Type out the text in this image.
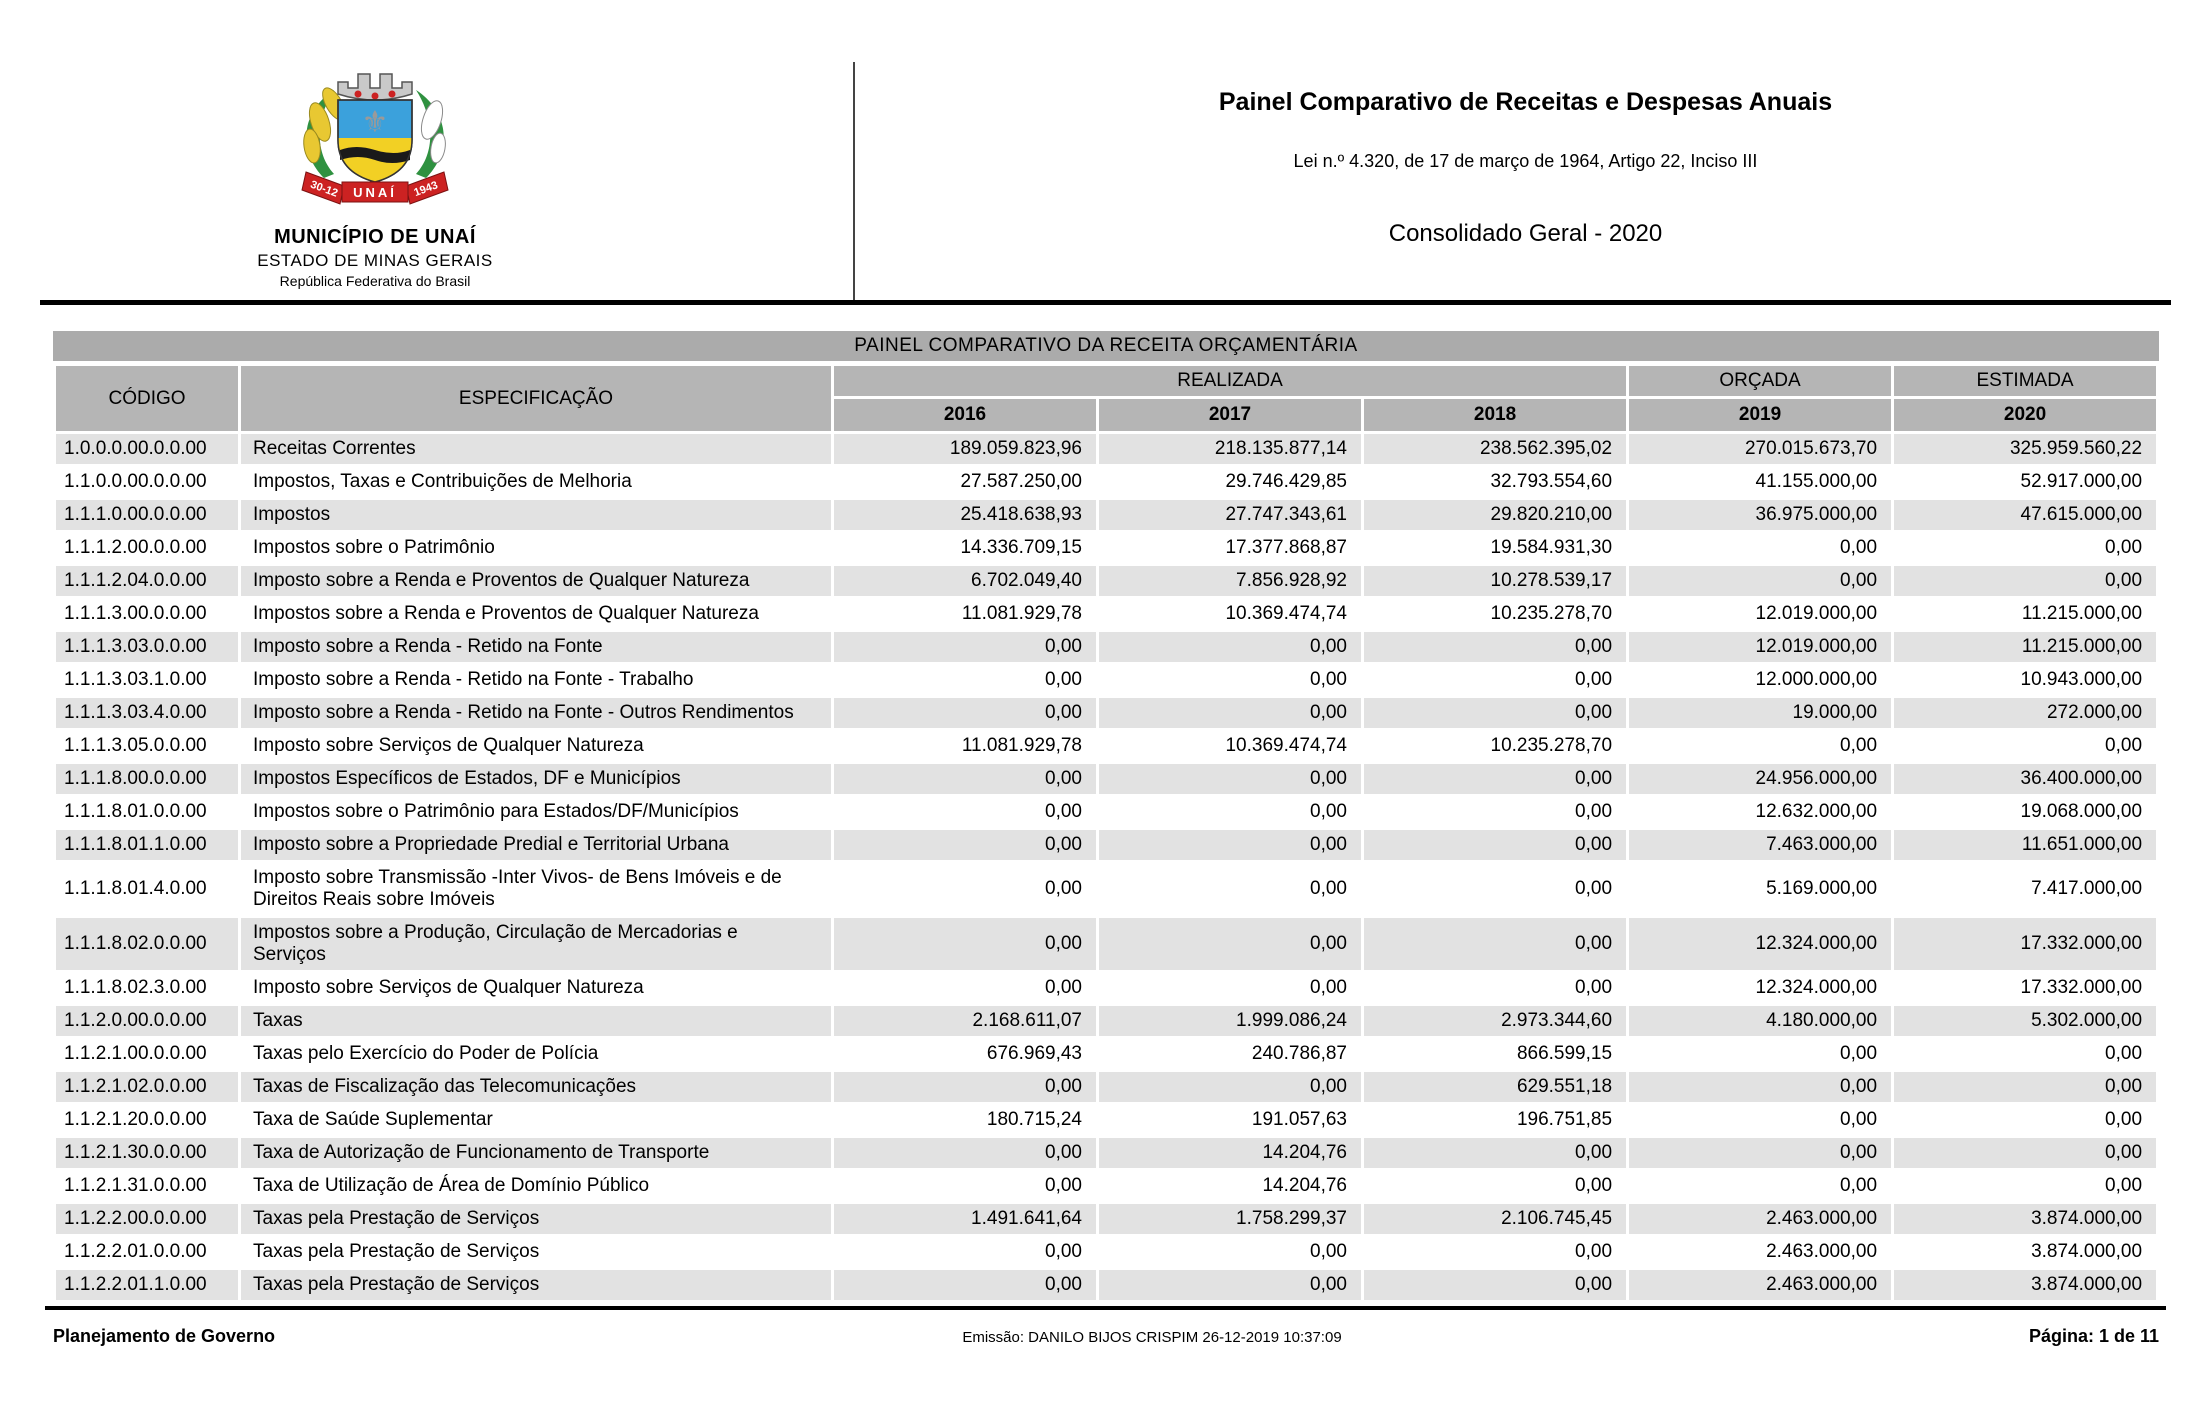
⚜
30-12 UNAÍ 1943
MUNICÍPIO DE UNAÍ
ESTADO DE MINAS GERAIS
República Federativa do Brasil
Painel Comparativo de Receitas e Despesas Anuais
Lei n.º 4.320, de 17 de março de 1964, Artigo 22, Inciso III
Consolidado Geral - 2020
PAINEL COMPARATIVO DA RECEITA ORÇAMENTÁRIA
CÓDIGO	ESPECIFICAÇÃO	REALIZADA			ORÇADA	ESTIMADA
		2016	2017	2018	2019	2020
1.0.0.0.00.0.0.00	Receitas Correntes	189.059.823,96	218.135.877,14	238.562.395,02	270.015.673,70	325.959.560,22
1.1.0.0.00.0.0.00	Impostos, Taxas e Contribuições de Melhoria	27.587.250,00	29.746.429,85	32.793.554,60	41.155.000,00	52.917.000,00
1.1.1.0.00.0.0.00	Impostos	25.418.638,93	27.747.343,61	29.820.210,00	36.975.000,00	47.615.000,00
1.1.1.2.00.0.0.00	Impostos sobre o Patrimônio	14.336.709,15	17.377.868,87	19.584.931,30	0,00	0,00
1.1.1.2.04.0.0.00	Imposto sobre a Renda e Proventos de Qualquer Natureza	6.702.049,40	7.856.928,92	10.278.539,17	0,00	0,00
1.1.1.3.00.0.0.00	Impostos sobre a Renda e Proventos de Qualquer Natureza	11.081.929,78	10.369.474,74	10.235.278,70	12.019.000,00	11.215.000,00
1.1.1.3.03.0.0.00	Imposto sobre a Renda - Retido na Fonte	0,00	0,00	0,00	12.019.000,00	11.215.000,00
1.1.1.3.03.1.0.00	Imposto sobre a Renda - Retido na Fonte - Trabalho	0,00	0,00	0,00	12.000.000,00	10.943.000,00
1.1.1.3.03.4.0.00	Imposto sobre a Renda - Retido na Fonte - Outros Rendimentos	0,00	0,00	0,00	19.000,00	272.000,00
1.1.1.3.05.0.0.00	Imposto sobre Serviços de Qualquer Natureza	11.081.929,78	10.369.474,74	10.235.278,70	0,00	0,00
1.1.1.8.00.0.0.00	Impostos Específicos de Estados, DF e Municípios	0,00	0,00	0,00	24.956.000,00	36.400.000,00
1.1.1.8.01.0.0.00	Impostos sobre o Patrimônio para Estados/DF/Municípios	0,00	0,00	0,00	12.632.000,00	19.068.000,00
1.1.1.8.01.1.0.00	Imposto sobre a Propriedade Predial e Territorial Urbana	0,00	0,00	0,00	7.463.000,00	11.651.000,00
1.1.1.8.01.4.0.00	Imposto sobre Transmissão -Inter Vivos- de Bens Imóveis e de Direitos Reais sobre Imóveis	0,00	0,00	0,00	5.169.000,00	7.417.000,00
1.1.1.8.02.0.0.00	Impostos sobre a Produção, Circulação de Mercadorias e Serviços	0,00	0,00	0,00	12.324.000,00	17.332.000,00
1.1.1.8.02.3.0.00	Imposto sobre Serviços de Qualquer Natureza	0,00	0,00	0,00	12.324.000,00	17.332.000,00
1.1.2.0.00.0.0.00	Taxas	2.168.611,07	1.999.086,24	2.973.344,60	4.180.000,00	5.302.000,00
1.1.2.1.00.0.0.00	Taxas pelo Exercício do Poder de Polícia	676.969,43	240.786,87	866.599,15	0,00	0,00
1.1.2.1.02.0.0.00	Taxas de Fiscalização das Telecomunicações	0,00	0,00	629.551,18	0,00	0,00
1.1.2.1.20.0.0.00	Taxa de Saúde Suplementar	180.715,24	191.057,63	196.751,85	0,00	0,00
1.1.2.1.30.0.0.00	Taxa de Autorização de Funcionamento de Transporte	0,00	14.204,76	0,00	0,00	0,00
1.1.2.1.31.0.0.00	Taxa de Utilização de Área de Domínio Público	0,00	14.204,76	0,00	0,00	0,00
1.1.2.2.00.0.0.00	Taxas pela Prestação de Serviços	1.491.641,64	1.758.299,37	2.106.745,45	2.463.000,00	3.874.000,00
1.1.2.2.01.0.0.00	Taxas pela Prestação de Serviços	0,00	0,00	0,00	2.463.000,00	3.874.000,00
1.1.2.2.01.1.0.00	Taxas pela Prestação de Serviços	0,00	0,00	0,00	2.463.000,00	3.874.000,00
Planejamento de Governo	Emissão: DANILO BIJOS CRISPIM 26-12-2019 10:37:09	Página: 1 de 11
